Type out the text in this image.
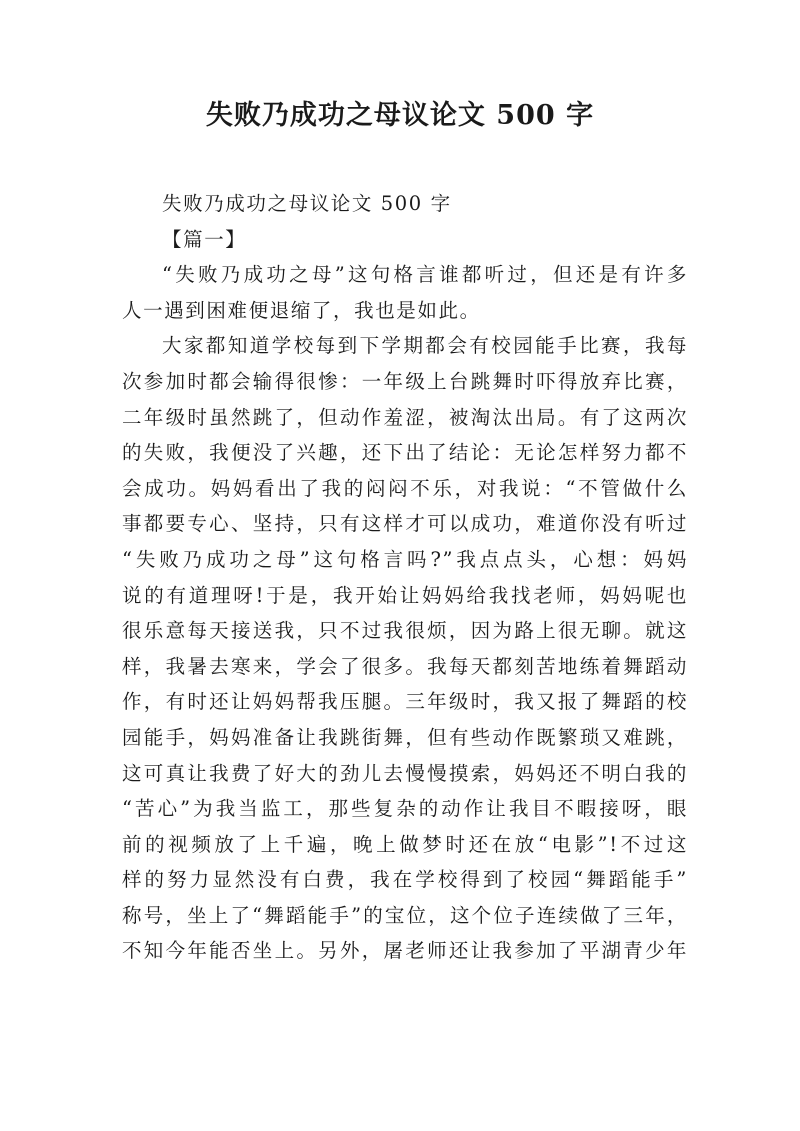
失败乃成功之母议论文 500 字
失败乃成功之母议论文 500 字
【篇一】

“失败乃成功之母”这句格言谁都听过，但还是有许多
人一遇到困难便退缩了，我也是如此。

大家都知道学校每到下学期都会有校园能手比赛，我每
次参加时都会输得很惨：一年级上台跳舞时吓得放弃比赛，
二年级时虽然跳了，但动作羞涩，被淘汰出局。有了这两次
的失败，我便没了兴趣，还下出了结论：无论怎样努力都不
会成功。妈妈看出了我的闷闷不乐，对我说：“不管做什么
事都要专心、坚持，只有这样才可以成功，难道你没有听过
“失败乃成功之母”这句格言吗?”我点点头，心想：妈妈
说的有道理呀!于是，我开始让妈妈给我找老师，妈妈呢也
很乐意每天接送我，只不过我很烦，因为路上很无聊。就这
样，我暑去寒来，学会了很多。我每天都刻苦地练着舞蹈动
作，有时还让妈妈帮我压腿。三年级时，我又报了舞蹈的校
园能手，妈妈准备让我跳街舞，但有些动作既繁琐又难跳，
这可真让我费了好大的劲儿去慢慢摸索，妈妈还不明白我的
“苦心”为我当监工，那些复杂的动作让我目不暇接呀，眼
前的视频放了上千遍，晚上做梦时还在放“电影”!不过这
样的努力显然没有白费，我在学校得到了校园“舞蹈能手”
称号，坐上了“舞蹈能手”的宝位，这个位子连续做了三年，
不知今年能否坐上。另外，屠老师还让我参加了平湖青少年
